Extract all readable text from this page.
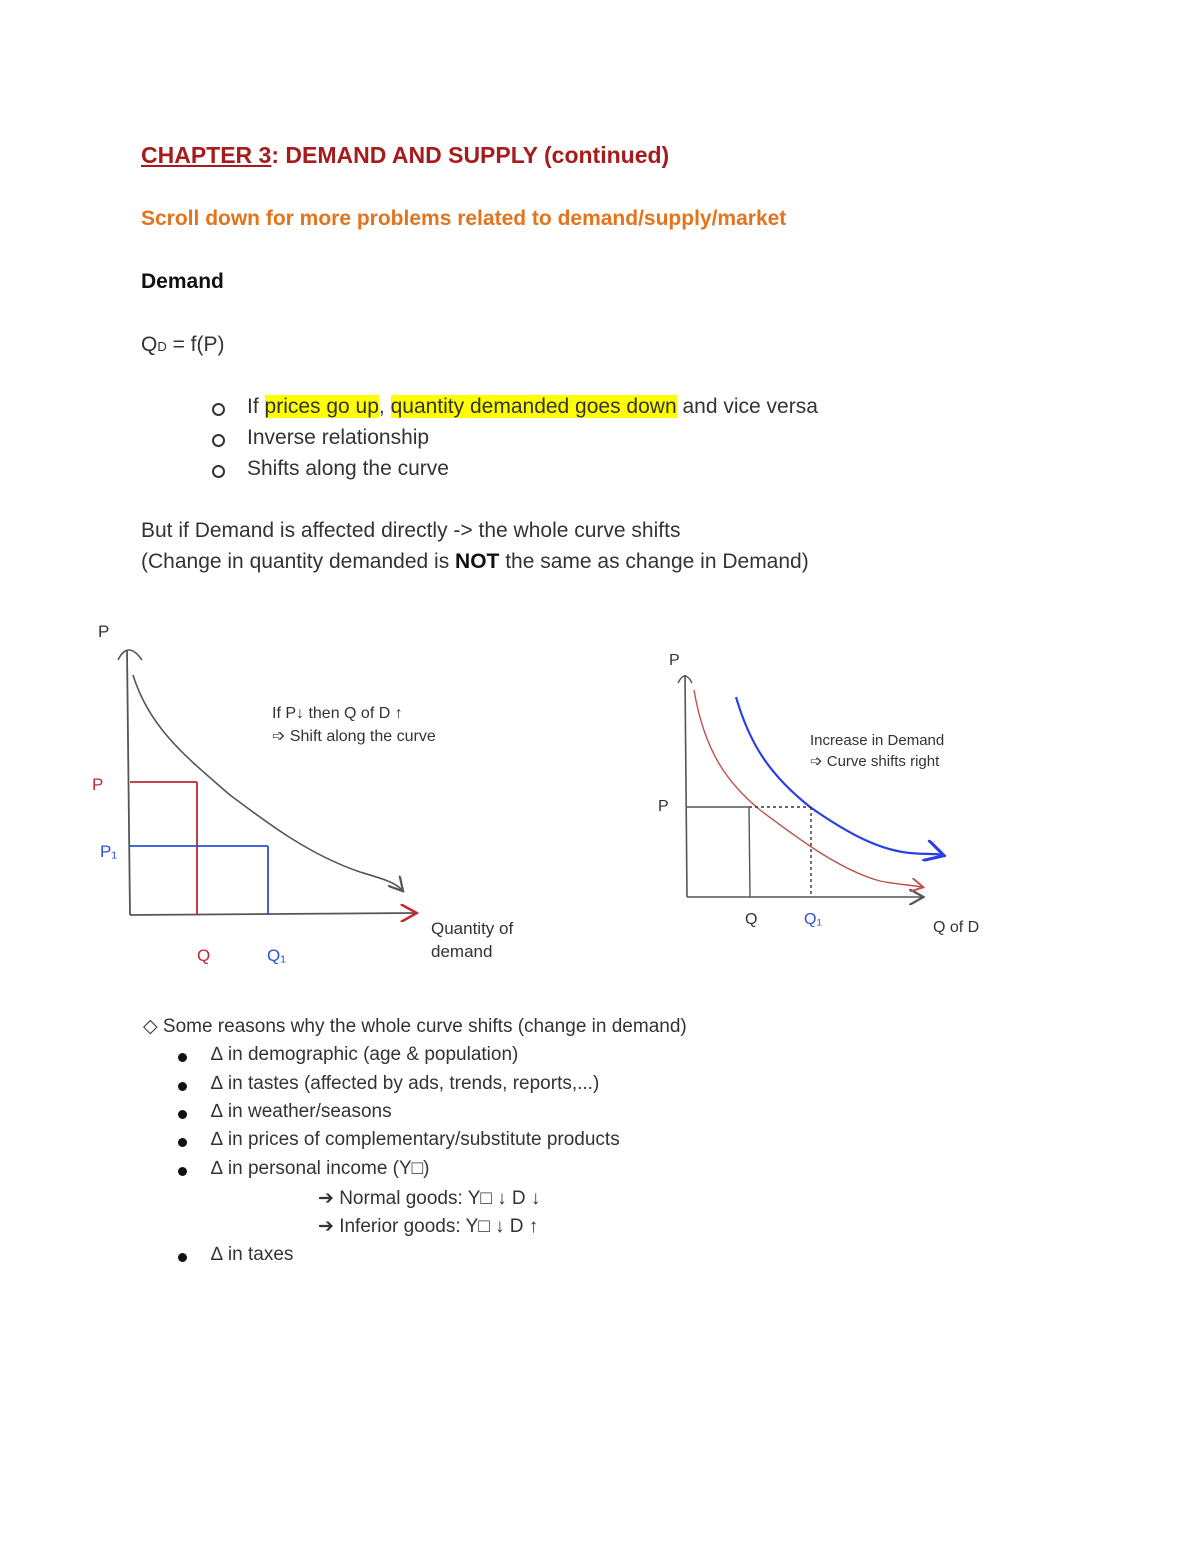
CHAPTER 3: DEMAND AND SUPPLY (continued)
Scroll down for more problems related to demand/supply/market
Demand
QD = f(P)
If prices go up, quantity demanded goes down and vice versa
Inverse relationship
Shifts along the curve
But if Demand is affected directly -> the whole curve shifts
(Change in quantity demanded is NOT the same as change in Demand)
P
P
P₁
Q	Q₁
Quantity of
demand
If P↓ then Q of D ↑
➩ Shift along the curve
P
P
Q	Q₁	Q of D
Increase in Demand
➩ Curve shifts right
◇ Some reasons why the whole curve shifts (change in demand)
∆ in demographic (age & population)
∆ in tastes (affected by ads, trends, reports,...)
∆ in weather/seasons
∆ in prices of complementary/substitute products
∆ in personal income (Y□)
➔ Normal goods: Y□ ↓ D ↓
➔ Inferior goods: Y□ ↓ D ↑
∆ in taxes
